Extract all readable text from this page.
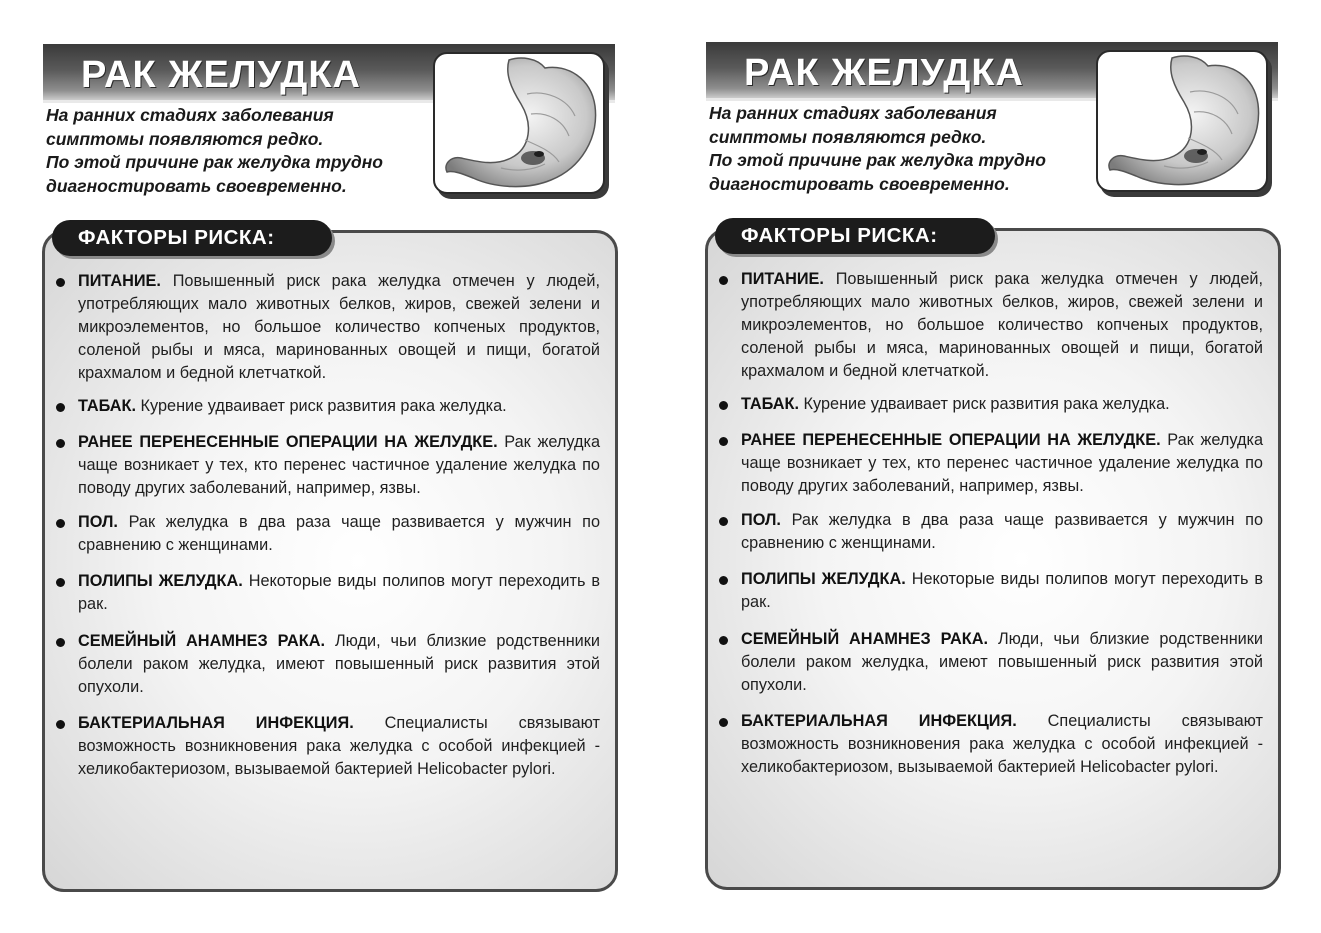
РАК ЖЕЛУДКА
На ранних стадиях заболевания
симптомы появляются редко.
По этой причине рак желудка трудно
диагностировать своевременно.
ФАКТОРЫ РИСКА:
ПИТАНИЕ. Повышенный риск рака желудка отмечен у людей, употребляющих мало животных белков, жиров, свежей зелени и микроэлементов, но большое количество копченых продуктов, соленой рыбы и мяса, маринованных овощей и пищи, богатой крахмалом и бедной клетчаткой.
ТАБАК. Курение удваивает риск развития рака желудка.
РАНЕЕ ПЕРЕНЕСЕННЫЕ ОПЕРАЦИИ НА ЖЕЛУДКЕ. Рак желудка чаще возникает у тех, кто перенес частичное удаление желудка по поводу других заболеваний, например, язвы.
ПОЛ. Рак желудка в два раза чаще развивается у мужчин по сравнению с женщинами.
ПОЛИПЫ ЖЕЛУДКА. Некоторые виды полипов могут переходить в рак.
СЕМЕЙНЫЙ АНАМНЕЗ РАКА. Люди, чьи близкие родственники болели раком желудка, имеют повышенный риск развития этой опухоли.
БАКТЕРИАЛЬНАЯ ИНФЕКЦИЯ. Специалисты связывают возможность возникновения рака желудка с особой инфекцией - хеликобактериозом, вызываемой бактерией Helicobacter pylori.
РАК ЖЕЛУДКА
На ранних стадиях заболевания
симптомы появляются редко.
По этой причине рак желудка трудно
диагностировать своевременно.
ФАКТОРЫ РИСКА:
ПИТАНИЕ. Повышенный риск рака желудка отмечен у людей, употребляющих мало животных белков, жиров, свежей зелени и микроэлементов, но большое количество копченых продуктов, соленой рыбы и мяса, маринованных овощей и пищи, богатой крахмалом и бедной клетчаткой.
ТАБАК. Курение удваивает риск развития рака желудка.
РАНЕЕ ПЕРЕНЕСЕННЫЕ ОПЕРАЦИИ НА ЖЕЛУДКЕ. Рак желудка чаще возникает у тех, кто перенес частичное удаление желудка по поводу других заболеваний, например, язвы.
ПОЛ. Рак желудка в два раза чаще развивается у мужчин по сравнению с женщинами.
ПОЛИПЫ ЖЕЛУДКА. Некоторые виды полипов могут переходить в рак.
СЕМЕЙНЫЙ АНАМНЕЗ РАКА. Люди, чьи близкие родственники болели раком желудка, имеют повышенный риск развития этой опухоли.
БАКТЕРИАЛЬНАЯ ИНФЕКЦИЯ. Специалисты связывают возможность возникновения рака желудка с особой инфекцией - хеликобактериозом, вызываемой бактерией Helicobacter pylori.
